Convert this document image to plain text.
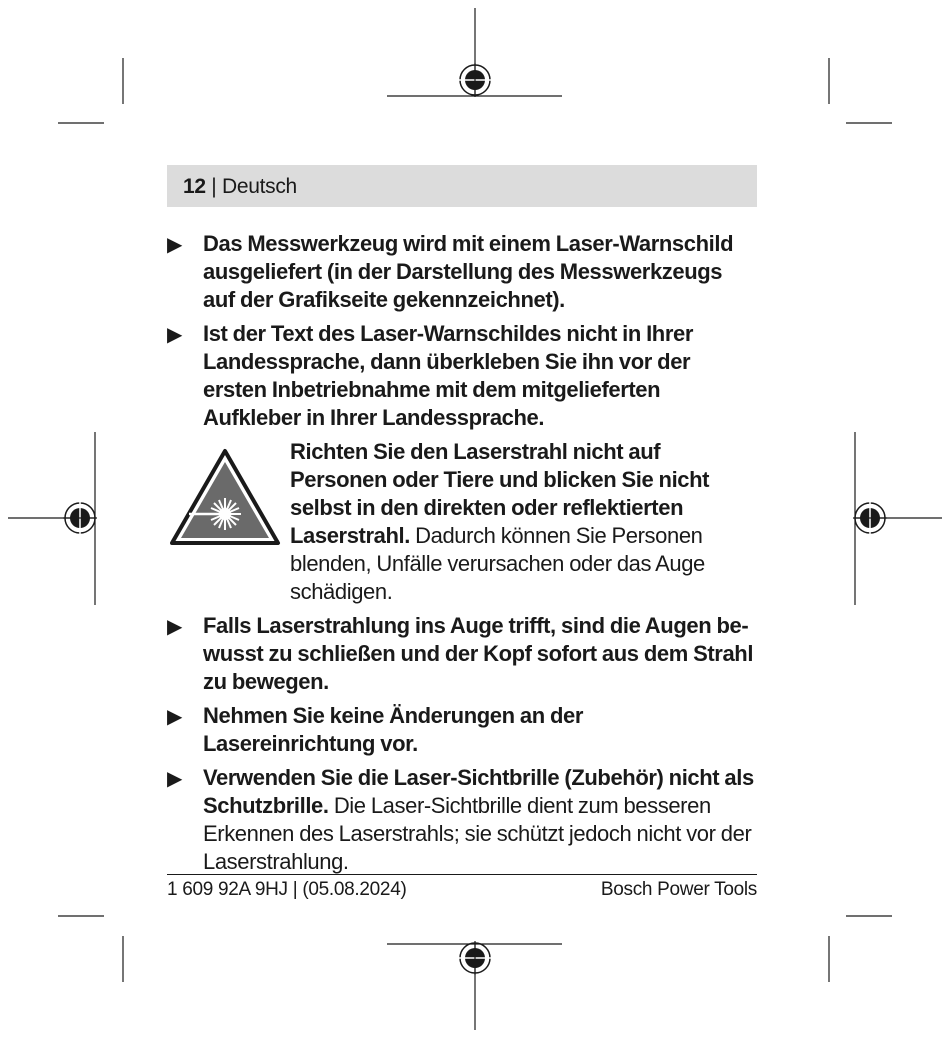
12 | Deutsch
▶ Das Messwerkzeug wird mit einem Laser-Warnschild ausgeliefert (in der Darstellung des Messwerkzeugs auf der Grafikseite gekennzeichnet).
▶ Ist der Text des Laser-Warnschildes nicht in Ihrer Landessprache, dann überkleben Sie ihn vor der ersten Inbetriebnahme mit dem mitgelieferten Aufkleber in Ihrer Landessprache.
Richten Sie den Laserstrahl nicht auf Personen oder Tiere und blicken Sie nicht selbst in den direkten oder reflektierten Laserstrahl. Dadurch können Sie Personen blenden, Unfälle verursachen oder das Auge schädigen.
▶ Falls Laserstrahlung ins Auge trifft, sind die Augen bewusst zu schließen und der Kopf sofort aus dem Strahl zu bewegen.
▶ Nehmen Sie keine Änderungen an der Lasereinrichtung vor.
▶ Verwenden Sie die Laser-Sichtbrille (Zubehör) nicht als Schutzbrille. Die Laser-Sichtbrille dient zum besseren Erkennen des Laserstrahls; sie schützt jedoch nicht vor der Laserstrahlung.
1 609 92A 9HJ | (05.08.2024)	Bosch Power Tools
